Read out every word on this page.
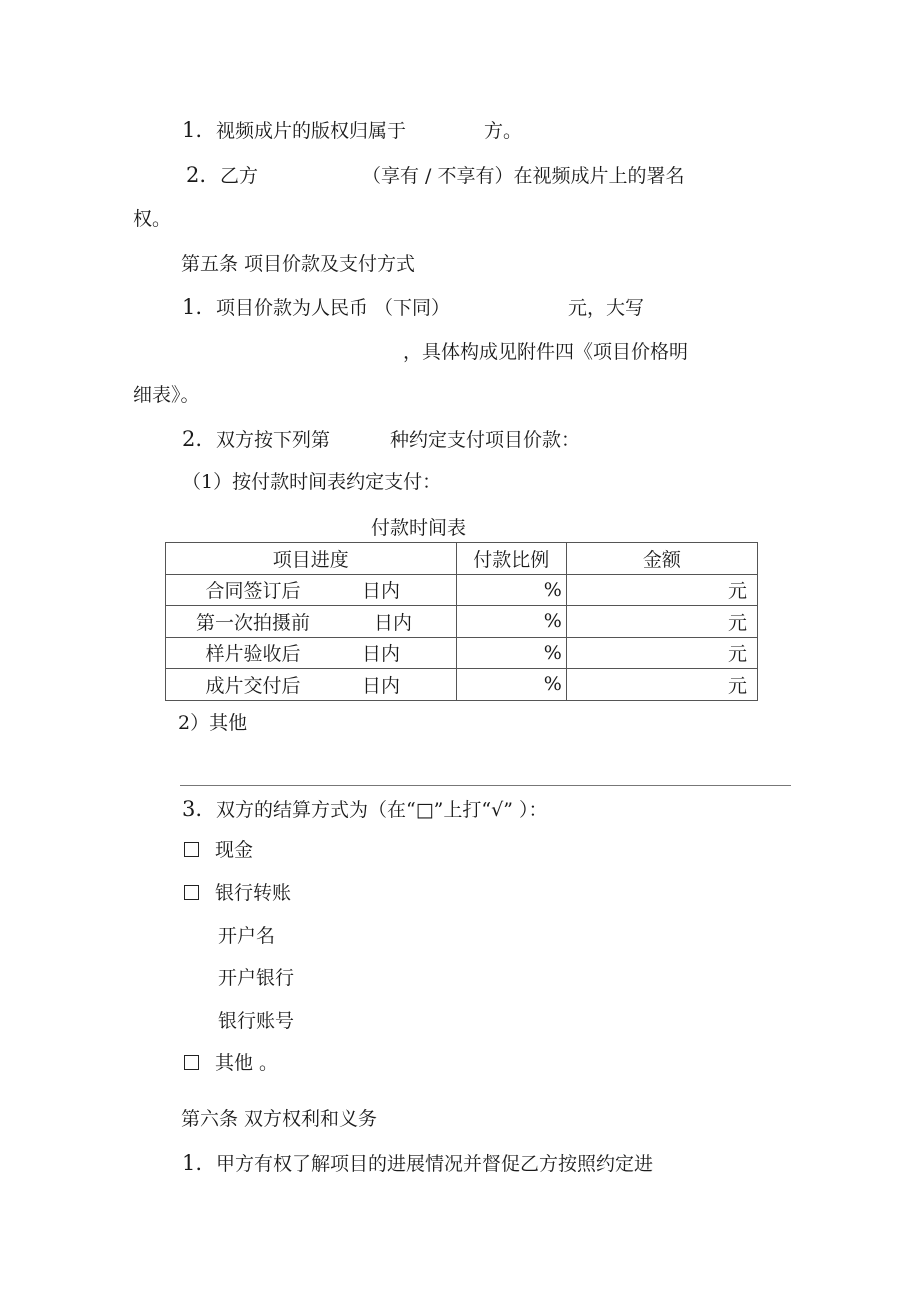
1. 视频成片的版权归属于	方。
2. 乙方	（享有 / 不享有）在视频成片上的署名
权。
第五条 项目价款及支付方式
1. 项目价款为人民币 （下同）	元，大写
，具体构成见附件四《项目价格明
细表》。
2. 双方按下列第	种约定支付项目价款：
（1）按付款时间表约定支付：
付款时间表
项目进度	付款比例	金额
合同签订后 日内	%	元
第一次拍摄前 日内	%	元
样片验收后 日内	%	元
成片交付后 日内	%	元
2）其他
3. 双方的结算方式为（在“□”上打“√” ）：
现金
银行转账
开户名
开户银行
银行账号
其他 。
第六条 双方权利和义务
1. 甲方有权了解项目的进展情况并督促乙方按照约定进
